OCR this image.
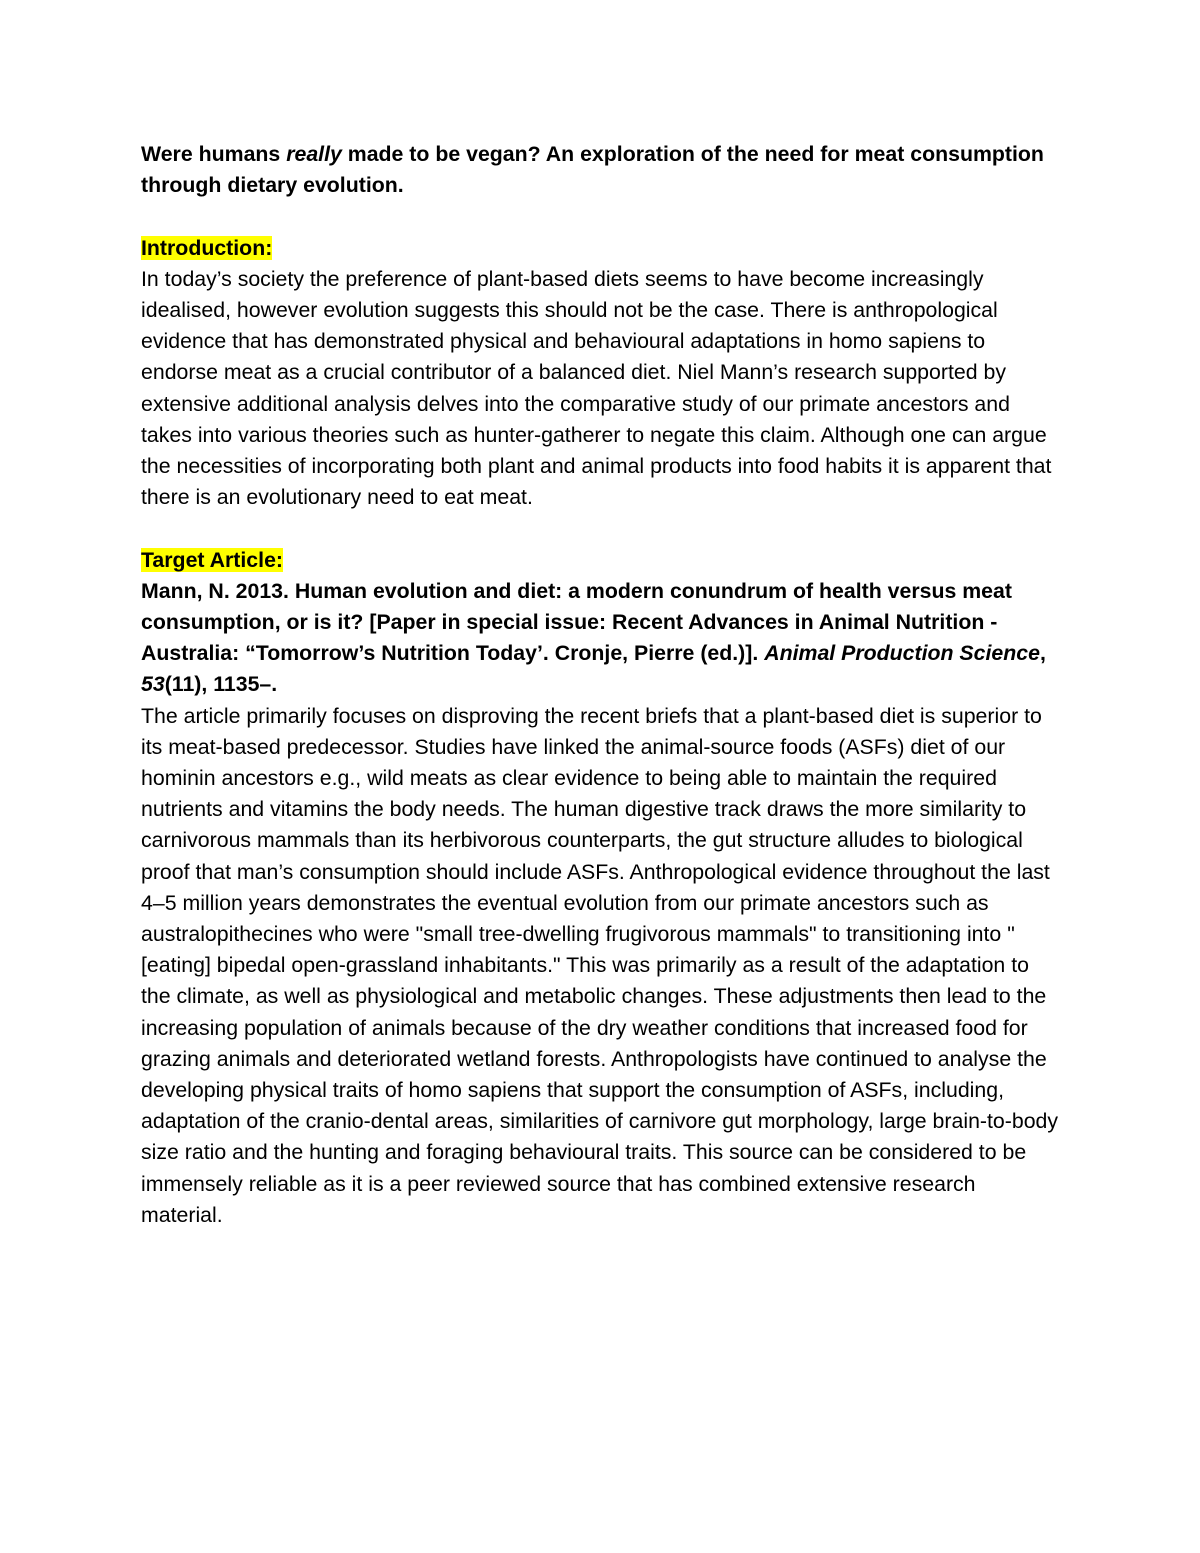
Were humans really made to be vegan? An exploration of the need for meat consumption through dietary evolution.

Introduction:

In today’s society the preference of plant-based diets seems to have become increasingly idealised, however evolution suggests this should not be the case. There is anthropological evidence that has demonstrated physical and behavioural adaptations in homo sapiens to endorse meat as a crucial contributor of a balanced diet. Niel Mann’s research supported by extensive additional analysis delves into the comparative study of our primate ancestors and takes into various theories such as hunter-gatherer to negate this claim. Although one can argue the necessities of incorporating both plant and animal products into food habits it is apparent that there is an evolutionary need to eat meat.

Target Article:

Mann, N. 2013. Human evolution and diet: a modern conundrum of health versus meat consumption, or is it? [Paper in special issue: Recent Advances in Animal Nutrition - Australia: “Tomorrow’s Nutrition Today’. Cronje, Pierre (ed.)]. Animal Production Science, 53(11), 1135–.

The article primarily focuses on disproving the recent briefs that a plant-based diet is superior to its meat-based predecessor. Studies have linked the animal-source foods (ASFs) diet of our hominin ancestors e.g., wild meats as clear evidence to being able to maintain the required nutrients and vitamins the body needs. The human digestive track draws the more similarity to carnivorous mammals than its herbivorous counterparts, the gut structure alludes to biological proof that man’s consumption should include ASFs. Anthropological evidence throughout the last 4–5 million years demonstrates the eventual evolution from our primate ancestors such as australopithecines who were "small tree-dwelling frugivorous mammals" to transitioning into "[eating] bipedal open-grassland inhabitants." This was primarily as a result of the adaptation to the climate, as well as physiological and metabolic changes. These adjustments then lead to the increasing population of animals because of the dry weather conditions that increased food for grazing animals and deteriorated wetland forests. Anthropologists have continued to analyse the developing physical traits of homo sapiens that support the consumption of ASFs, including, adaptation of the cranio-dental areas, similarities of carnivore gut morphology, large brain-to-body size ratio and the hunting and foraging behavioural traits. This source can be considered to be immensely reliable as it is a peer reviewed source that has combined extensive research material.
